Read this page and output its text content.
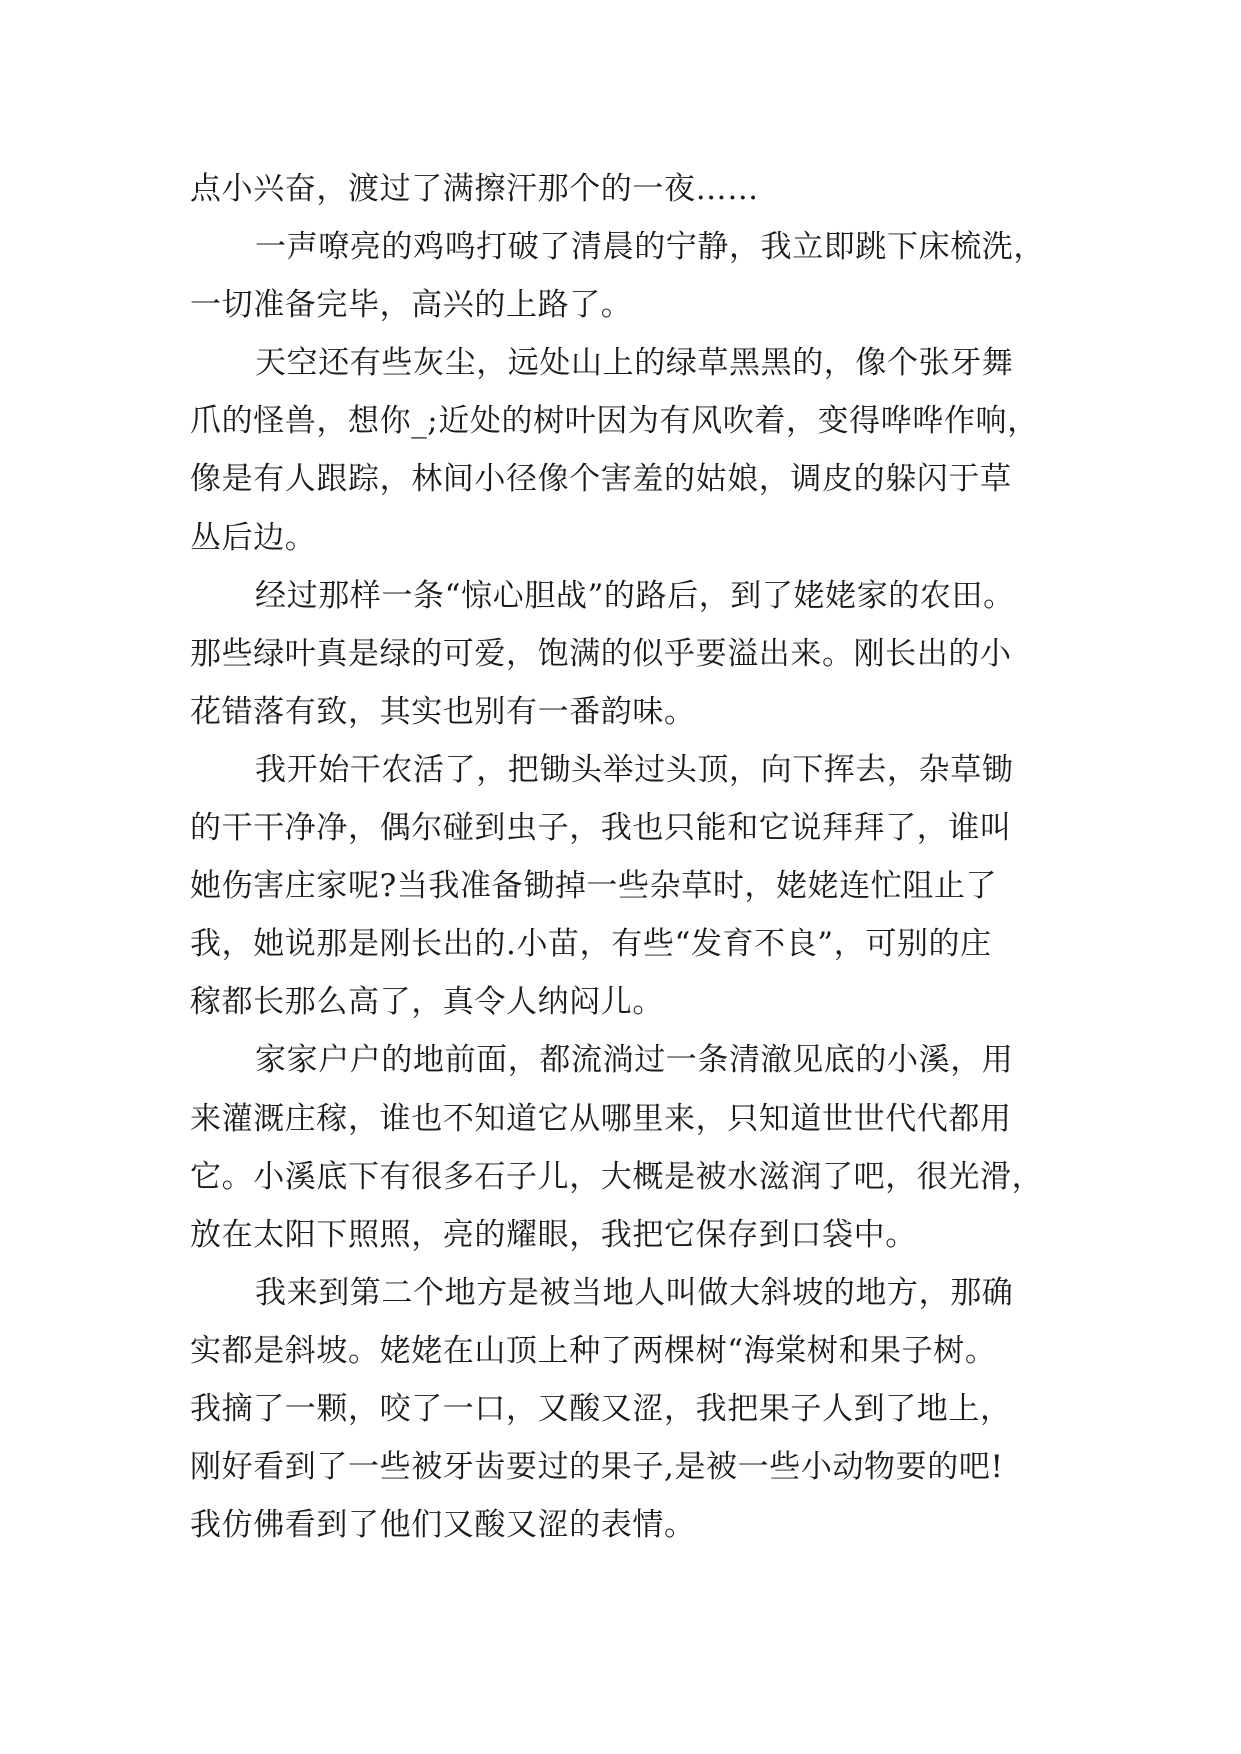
点小兴奋，渡过了满擦汗那个的一夜……
一声嘹亮的鸡鸣打破了清晨的宁静，我立即跳下床梳洗，
一切准备完毕，高兴的上路了。
天空还有些灰尘，远处山上的绿草黑黑的，像个张牙舞
爪的怪兽，想你_;近处的树叶因为有风吹着，变得哗哗作响，
像是有人跟踪，林间小径像个害羞的姑娘，调皮的躲闪于草
丛后边。
经过那样一条“惊心胆战”的路后，到了姥姥家的农田。
那些绿叶真是绿的可爱，饱满的似乎要溢出来。刚长出的小
花错落有致，其实也别有一番韵味。
我开始干农活了，把锄头举过头顶，向下挥去，杂草锄
的干干净净，偶尔碰到虫子，我也只能和它说拜拜了，谁叫
她伤害庄家呢?当我准备锄掉一些杂草时，姥姥连忙阻止了
我，她说那是刚长出的.小苗，有些“发育不良”，可别的庄
稼都长那么高了，真令人纳闷儿。
家家户户的地前面，都流淌过一条清澈见底的小溪，用
来灌溉庄稼，谁也不知道它从哪里来，只知道世世代代都用
它。小溪底下有很多石子儿，大概是被水滋润了吧，很光滑，
放在太阳下照照，亮的耀眼，我把它保存到口袋中。
我来到第二个地方是被当地人叫做大斜坡的地方，那确
实都是斜坡。姥姥在山顶上种了两棵树“海棠树和果子树。
我摘了一颗，咬了一口，又酸又涩，我把果子人到了地上，
刚好看到了一些被牙齿要过的果子,是被一些小动物要的吧!
我仿佛看到了他们又酸又涩的表情。
